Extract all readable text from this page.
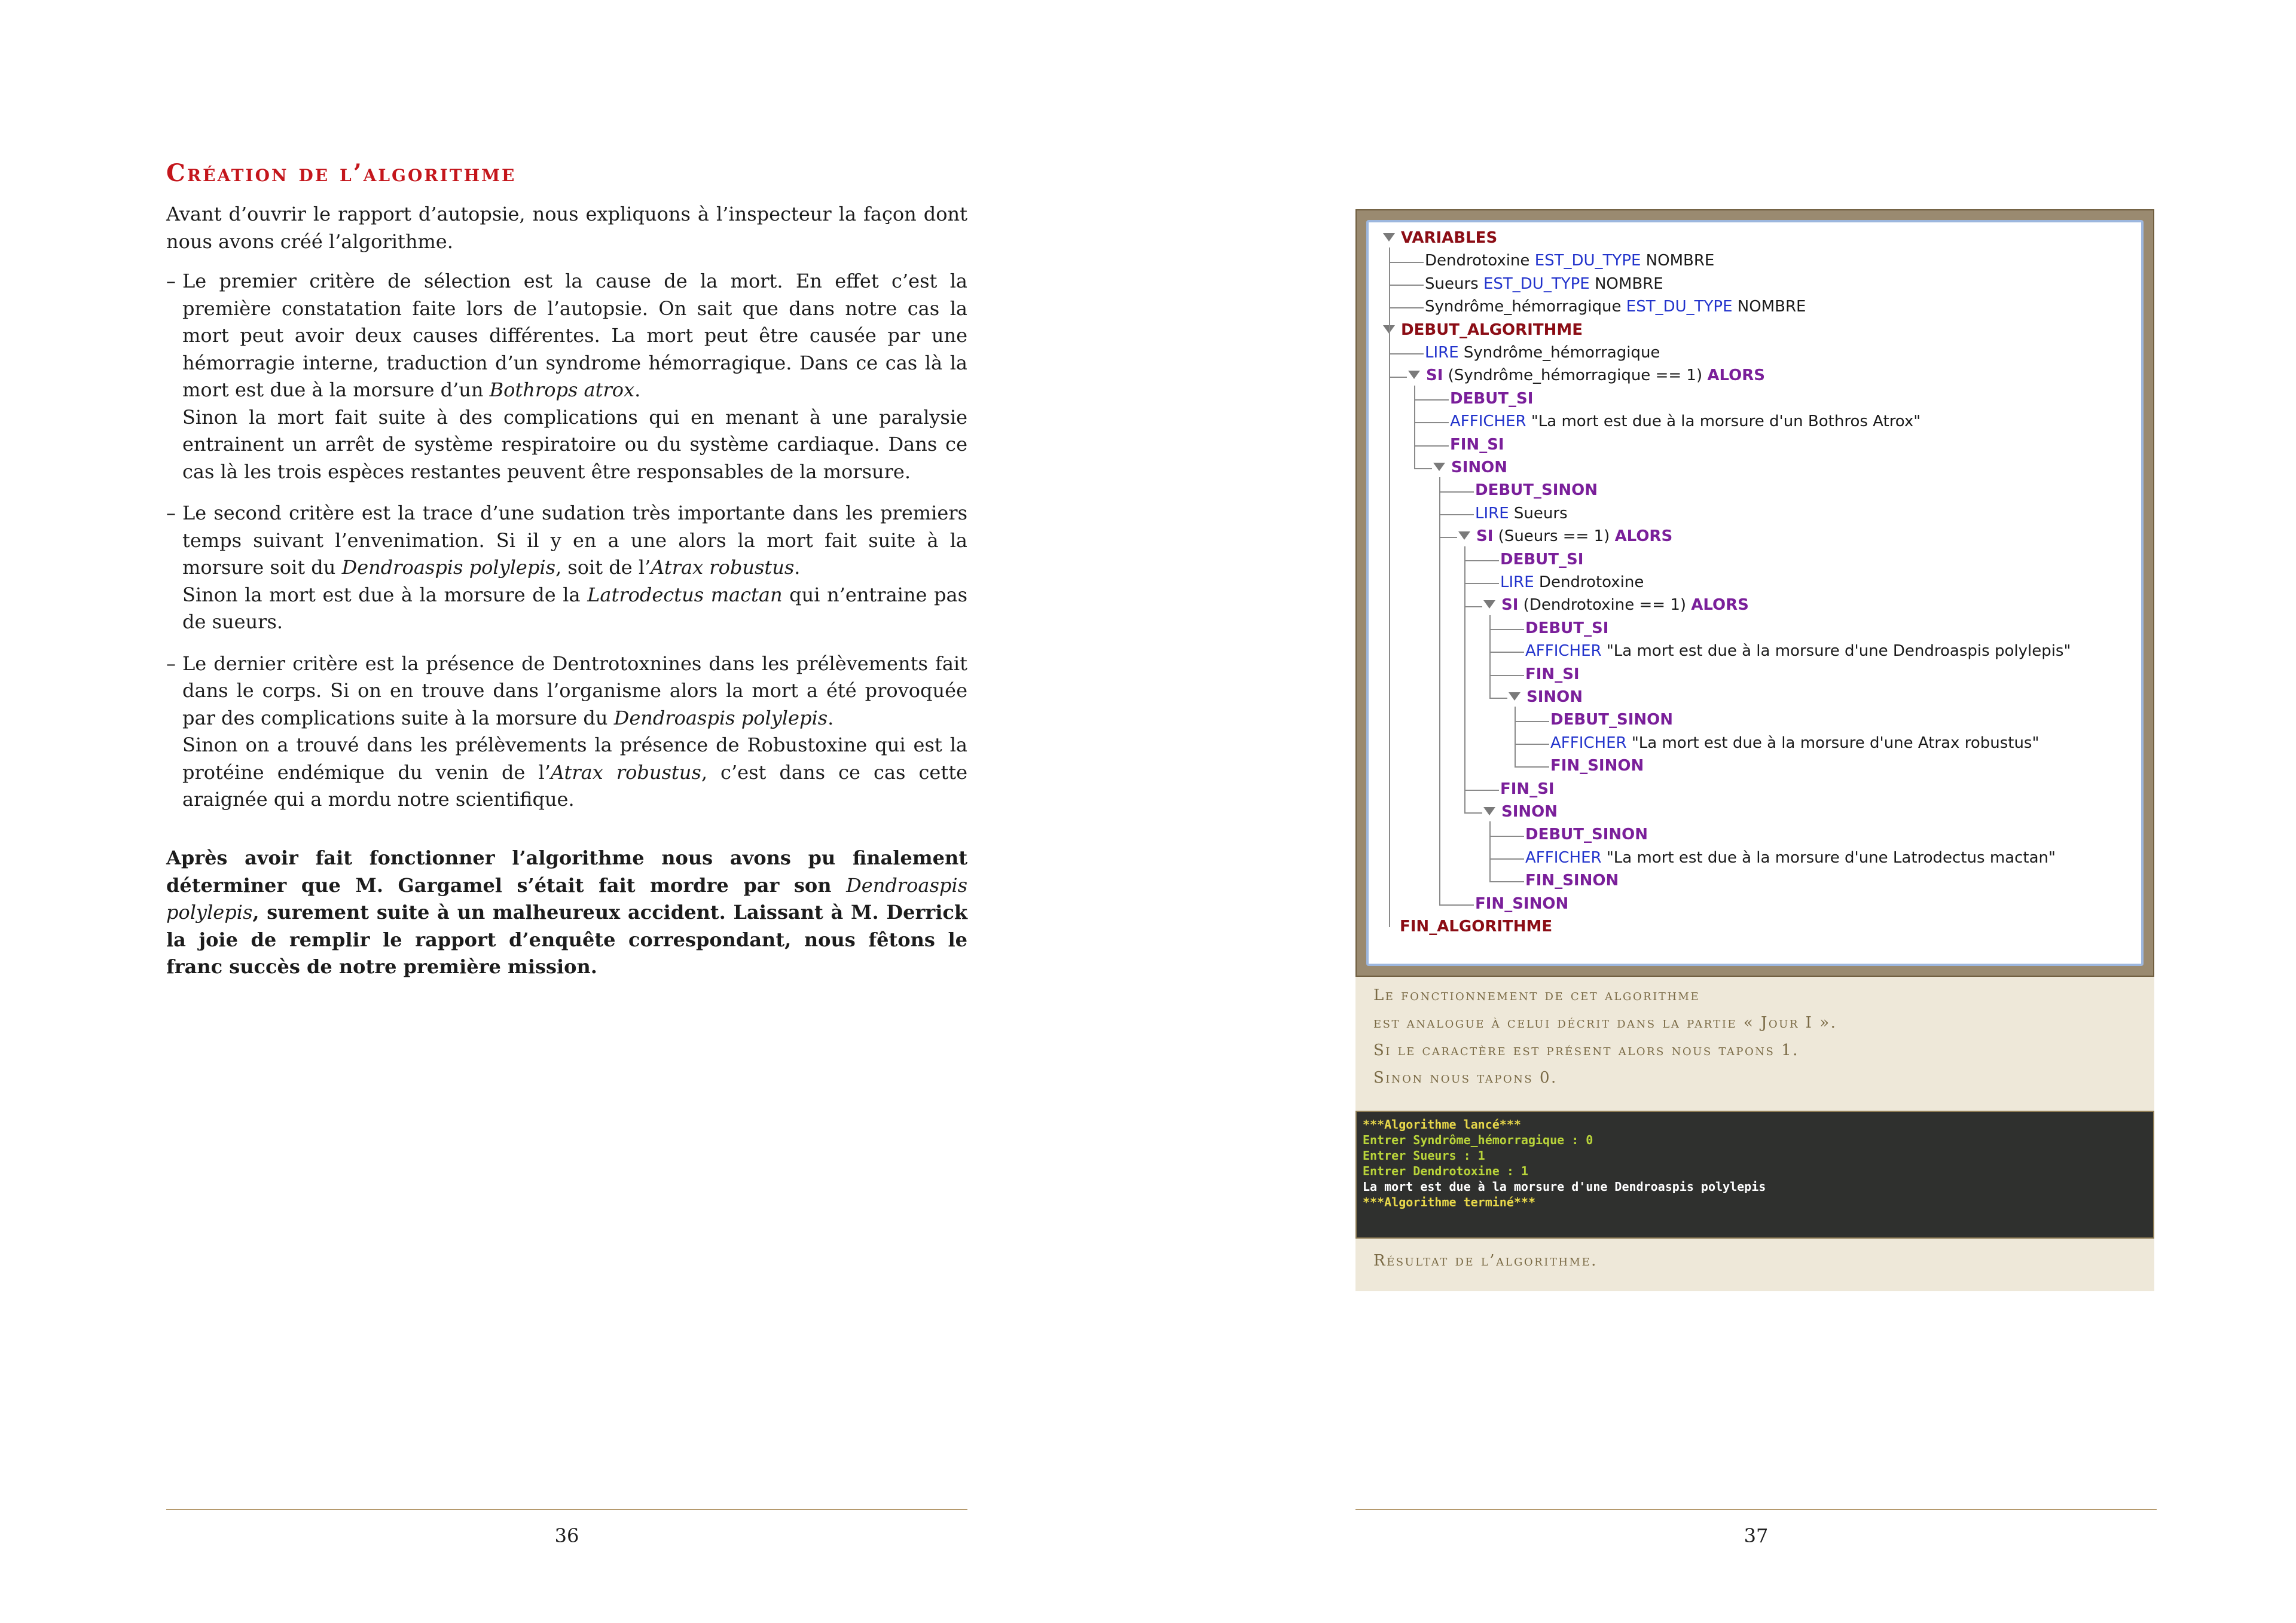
Création de l’algorithme

Avant d’ouvrir le rapport d’autopsie, nous expliquons à l’inspecteur la façon dont nous avons créé l’algorithme.

– Le premier critère de sélection est la cause de la mort. En effet c’est la première constatation faite lors de l’autopsie. On sait que dans notre cas la mort peut avoir deux causes différentes. La mort peut être causée par une hémorragie interne, traduction d’un syndrome hémorragique. Dans ce cas là la mort est due à la morsure d’un Bothrops atrox.

Sinon la mort fait suite à des complications qui en menant à une paralysie entrainent un arrêt de système respiratoire ou du système cardiaque. Dans ce cas là les trois espèces restantes peuvent être responsables de la morsure.

– Le second critère est la trace d’une sudation très importante dans les premiers temps suivant l’envenimation. Si il y en a une alors la mort fait suite à la morsure soit du Dendroaspis polylepis, soit de l’Atrax robustus.

Sinon la mort est due à la morsure de la Latrodectus mactan qui n’entraine pas de sueurs.

– Le dernier critère est la présence de Dentrotoxnines dans les prélèvements fait dans le corps. Si on en trouve dans l’organisme alors la mort a été provoquée par des complications suite à la morsure du Dendroaspis polylepis.

Sinon on a trouvé dans les prélèvements la présence de Robustoxine qui est la protéine endémique du venin de l’Atrax robustus, c’est dans ce cas cette araignée qui a mordu notre scientifique.

Après avoir fait fonctionner l’algorithme nous avons pu finalement déterminer que M. Gargamel s’était fait mordre par son Dendroaspis polylepis, surement suite à un malheureux accident. Laissant à M. Derrick la joie de remplir le rapport d’enquête correspondant, nous fêtons le franc succès de notre première mission.

36
VARIABLES
Dendrotoxine EST_DU_TYPE NOMBRE
Sueurs EST_DU_TYPE NOMBRE
Syndrôme_hémorragique EST_DU_TYPE NOMBRE
DEBUT_ALGORITHME
LIRE Syndrôme_hémorragique
SI (Syndrôme_hémorragique == 1) ALORS
DEBUT_SI
AFFICHER "La mort est due à la morsure d'un Bothros Atrox"
FIN_SI
SINON
DEBUT_SINON
LIRE Sueurs
SI (Sueurs == 1) ALORS
DEBUT_SI
LIRE Dendrotoxine
SI (Dendrotoxine == 1) ALORS
DEBUT_SI
AFFICHER "La mort est due à la morsure d'une Dendroaspis polylepis"
FIN_SI
SINON
DEBUT_SINON
AFFICHER "La mort est due à la morsure d'une Atrax robustus"
FIN_SINON
FIN_SI
SINON
DEBUT_SINON
AFFICHER "La mort est due à la morsure d'une Latrodectus mactan"
FIN_SINON
FIN_SINON
FIN_ALGORITHME
Le fonctionnement de cet algorithme
est analogue à celui décrit dans la partie « Jour I ».
Si le caractère est présent alors nous tapons 1.
Sinon nous tapons 0.
***Algorithme lancé***
Entrer Syndrôme_hémorragique : 0
Entrer Sueurs : 1
Entrer Dendrotoxine : 1
La mort est due à la morsure d'une Dendroaspis polylepis
***Algorithme terminé***
Résultat de l’algorithme.
37
